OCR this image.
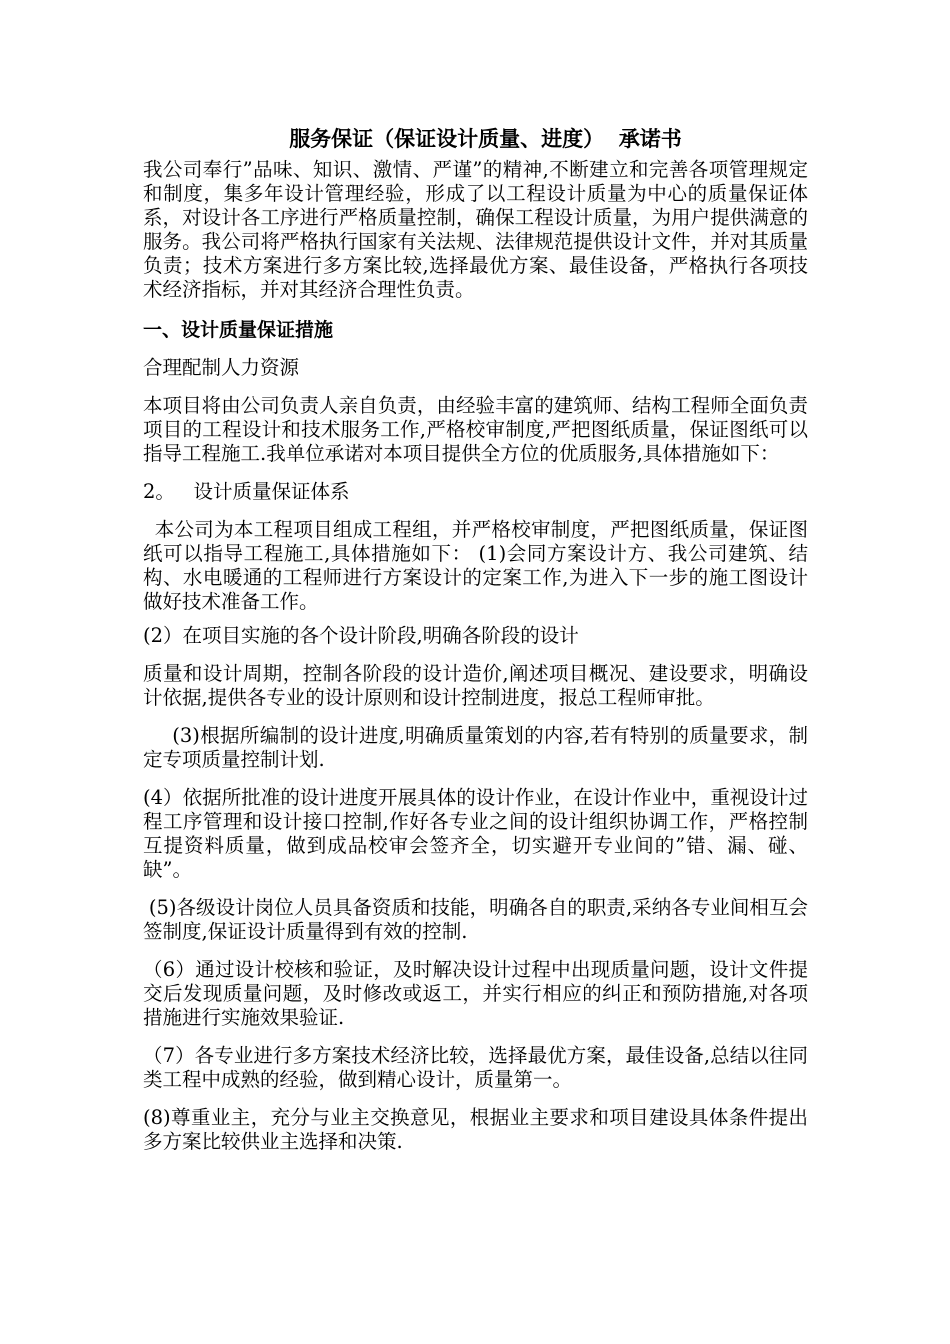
服务保证（保证设计质量、进度）  承诺书

我公司奉行”品味、知识、激情、严谨”的精神,不断建立和完善各项管理规定和制度，集多年设计管理经验，形成了以工程设计质量为中心的质量保证体系，对设计各工序进行严格质量控制，确保工程设计质量，为用户提供满意的服务。我公司将严格执行国家有关法规、法律规范提供设计文件，并对其质量负责；技术方案进行多方案比较,选择最优方案、最佳设备，严格执行各项技术经济指标，并对其经济合理性负责。

一、设计质量保证措施

合理配制人力资源

本项目将由公司负责人亲自负责，由经验丰富的建筑师、结构工程师全面负责项目的工程设计和技术服务工作,严格校审制度,严把图纸质量，保证图纸可以指导工程施工.我单位承诺对本项目提供全方位的优质服务,具体措施如下：

2。   设计质量保证体系

本公司为本工程项目组成工程组，并严格校审制度，严把图纸质量，保证图纸可以指导工程施工,具体措施如下： (1)会同方案设计方、我公司建筑、结构、水电暖通的工程师进行方案设计的定案工作,为进入下一步的施工图设计做好技术准备工作。

(2）在项目实施的各个设计阶段,明确各阶段的设计

质量和设计周期，控制各阶段的设计造价,阐述项目概况、建设要求，明确设计依据,提供各专业的设计原则和设计控制进度，报总工程师审批。

(3)根据所编制的设计进度,明确质量策划的内容,若有特别的质量要求，制定专项质量控制计划.

(4）依据所批准的设计进度开展具体的设计作业，在设计作业中，重视设计过程工序管理和设计接口控制,作好各专业之间的设计组织协调工作，严格控制互提资料质量，做到成品校审会签齐全，切实避开专业间的”错、漏、碰、缺”。

(5)各级设计岗位人员具备资质和技能，明确各自的职责,采纳各专业间相互会签制度,保证设计质量得到有效的控制.

（6）通过设计校核和验证，及时解决设计过程中出现质量问题，设计文件提交后发现质量问题，及时修改或返工，并实行相应的纠正和预防措施,对各项措施进行实施效果验证.

（7）各专业进行多方案技术经济比较，选择最优方案，最佳设备,总结以往同类工程中成熟的经验，做到精心设计，质量第一。

(8)尊重业主，充分与业主交换意见，根据业主要求和项目建设具体条件提出多方案比较供业主选择和决策.
